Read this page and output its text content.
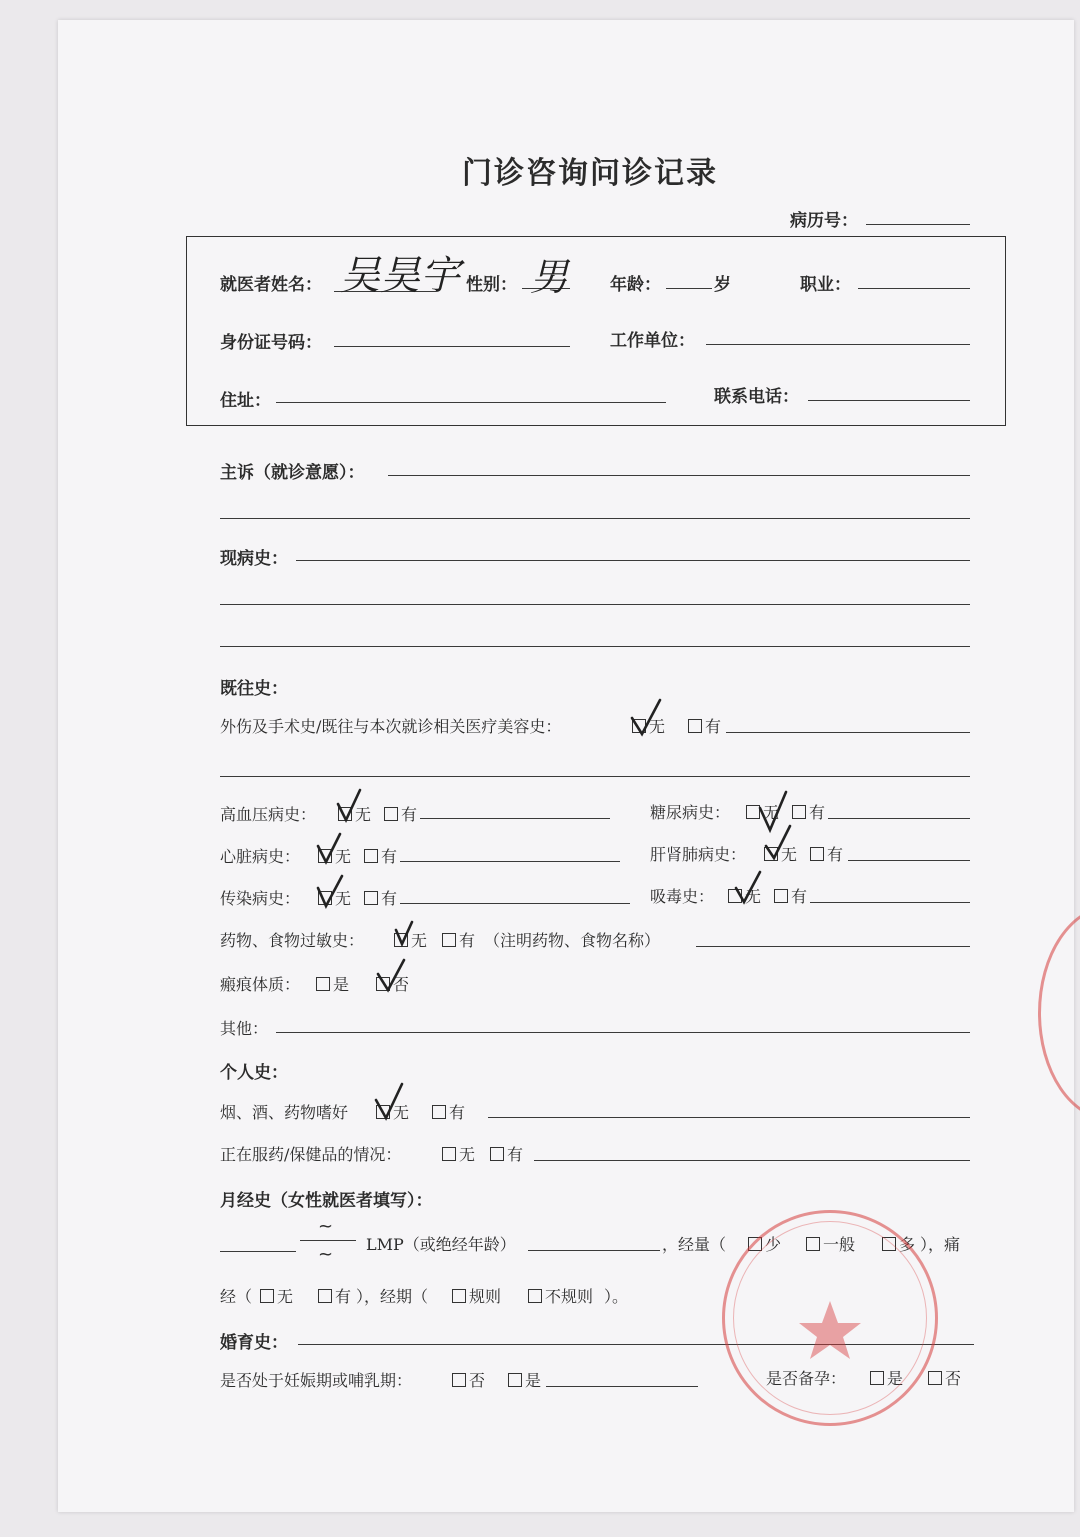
门诊咨询问诊记录
病历号：
就医者姓名： 吴昊宇 性别： 男 年龄：	岁	职业：
身份证号码：	工作单位：
住址：	联系电话：
主诉（就诊意愿）：
现病史：
既往史：
外伤及手术史/既往与本次就诊相关医疗美容史：	无	有
高血压病史：	无	有	糖尿病史：	无	有
心脏病史：	无	有	肝肾肺病史：	无	有
传染病史：	无	有	吸毒史：	无	有
药物、食物过敏史：	无	有 （注明药物、食物名称）
瘢痕体质：	是	否
其他：
个人史：
烟、酒、药物嗜好	无	有
正在服药/保健品的情况：	无	有
月经史（女性就医者填写）：
~
~ LMP（或绝经年龄）	，经量（	少	一般	多 ），痛
经（	无	有 ），经期（	规则	不规则 ）。
婚育史：
是否处于妊娠期或哺乳期：	否	是	是否备孕：	是	否
